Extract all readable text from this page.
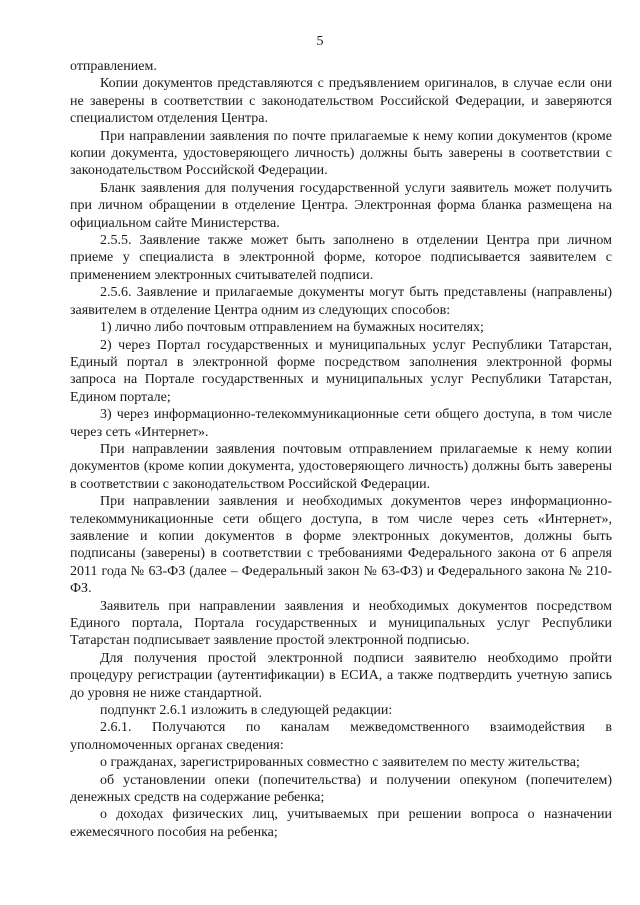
5

отправлением.

Копии документов представляются с предъявлением оригиналов, в случае если они не заверены в соответствии с законодательством Российской Федерации, и заверяются специалистом отделения Центра.

При направлении заявления по почте прилагаемые к нему копии документов (кроме копии документа, удостоверяющего личность) должны быть заверены в соответствии с законодательством Российской Федерации.

Бланк заявления для получения государственной услуги заявитель может получить при личном обращении в отделение Центра. Электронная форма бланка размещена на официальном сайте Министерства.

2.5.5. Заявление также может быть заполнено в отделении Центра при личном приеме у специалиста в электронной форме, которое подписывается заявителем с применением электронных считывателей подписи.

2.5.6. Заявление и прилагаемые документы могут быть представлены (направлены) заявителем в отделение Центра одним из следующих способов:

1) лично либо почтовым отправлением на бумажных носителях;

2) через Портал государственных и муниципальных услуг Республики Татарстан, Единый портал в электронной форме посредством заполнения электронной формы запроса на Портале государственных и муниципальных услуг Республики Татарстан, Едином портале;

3) через информационно-телекоммуникационные сети общего доступа, в том числе через сеть «Интернет».

При направлении заявления почтовым отправлением прилагаемые к нему копии документов (кроме копии документа, удостоверяющего личность) должны быть заверены в соответствии с законодательством Российской Федерации.

При направлении заявления и необходимых документов через информационно-телекоммуникационные сети общего доступа, в том числе через сеть «Интернет», заявление и копии документов в форме электронных документов, должны быть подписаны (заверены) в соответствии с требованиями Федерального закона от 6 апреля 2011 года № 63-ФЗ (далее – Федеральный закон № 63-ФЗ) и Федерального закона № 210-ФЗ.

Заявитель при направлении заявления и необходимых документов посредством Единого портала, Портала государственных и муниципальных услуг Республики Татарстан подписывает заявление простой электронной подписью.

Для получения простой электронной подписи заявителю необходимо пройти процедуру регистрации (аутентификации) в ЕСИА, а также подтвердить учетную запись до уровня не ниже стандартной.

подпункт 2.6.1 изложить в следующей редакции:

2.6.1. Получаются по каналам межведомственного взаимодействия в уполномоченных органах сведения:

о гражданах, зарегистрированных совместно с заявителем по месту жительства;

об установлении опеки (попечительства) и получении опекуном (попечителем) денежных средств на содержание ребенка;

о доходах физических лиц, учитываемых при решении вопроса о назначении ежемесячного пособия на ребенка;
